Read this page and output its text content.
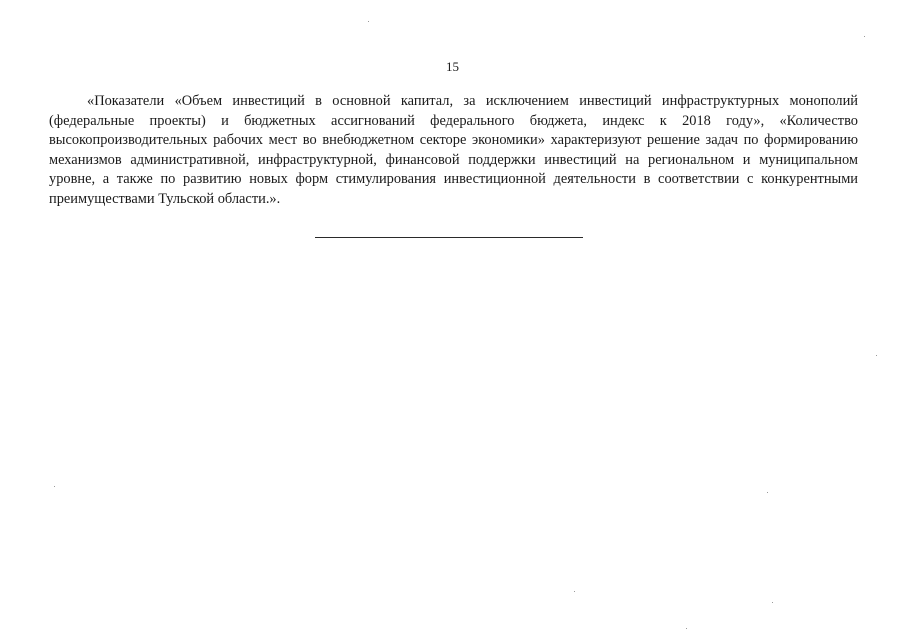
15

«Показатели «Объем инвестиций в основной капитал, за исключением инвестиций инфраструктурных монополий (федеральные проекты) и бюджетных ассигнований федерального бюджета, индекс к 2018 году», «Количество высокопроизводительных рабочих мест во внебюджетном секторе экономики» характеризуют решение задач по формированию механизмов административной, инфраструктурной, финансовой поддержки инвестиций на региональном и муниципальном уровне, а также по развитию новых форм стимулирования инвестиционной деятельности в соответствии с конкурентными преимуществами Тульской области.».
